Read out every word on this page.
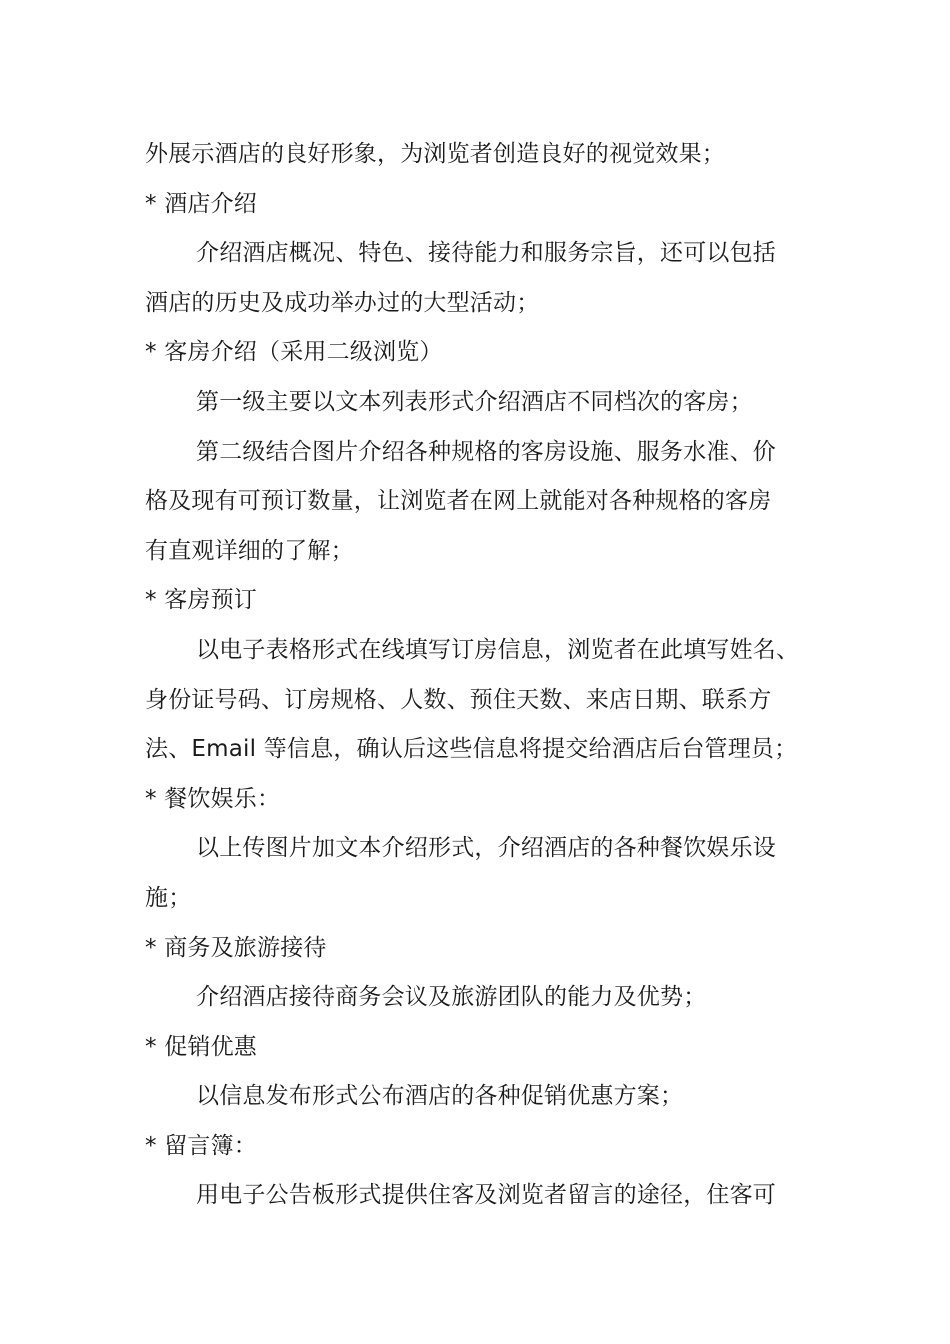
外展示酒店的良好形象，为浏览者创造良好的视觉效果；
* 酒店介绍
介绍酒店概况、特色、接待能力和服务宗旨，还可以包括
酒店的历史及成功举办过的大型活动；
* 客房介绍（采用二级浏览）
第一级主要以文本列表形式介绍酒店不同档次的客房；
第二级结合图片介绍各种规格的客房设施、服务水准、价
格及现有可预订数量，让浏览者在网上就能对各种规格的客房
有直观详细的了解；
* 客房预订
以电子表格形式在线填写订房信息，浏览者在此填写姓名、
身份证号码、订房规格、人数、预住天数、来店日期、联系方
法、Email 等信息，确认后这些信息将提交给酒店后台管理员；
* 餐饮娱乐：
以上传图片加文本介绍形式，介绍酒店的各种餐饮娱乐设
施；
* 商务及旅游接待
介绍酒店接待商务会议及旅游团队的能力及优势；
* 促销优惠
以信息发布形式公布酒店的各种促销优惠方案；
* 留言簿：
用电子公告板形式提供住客及浏览者留言的途径，住客可
